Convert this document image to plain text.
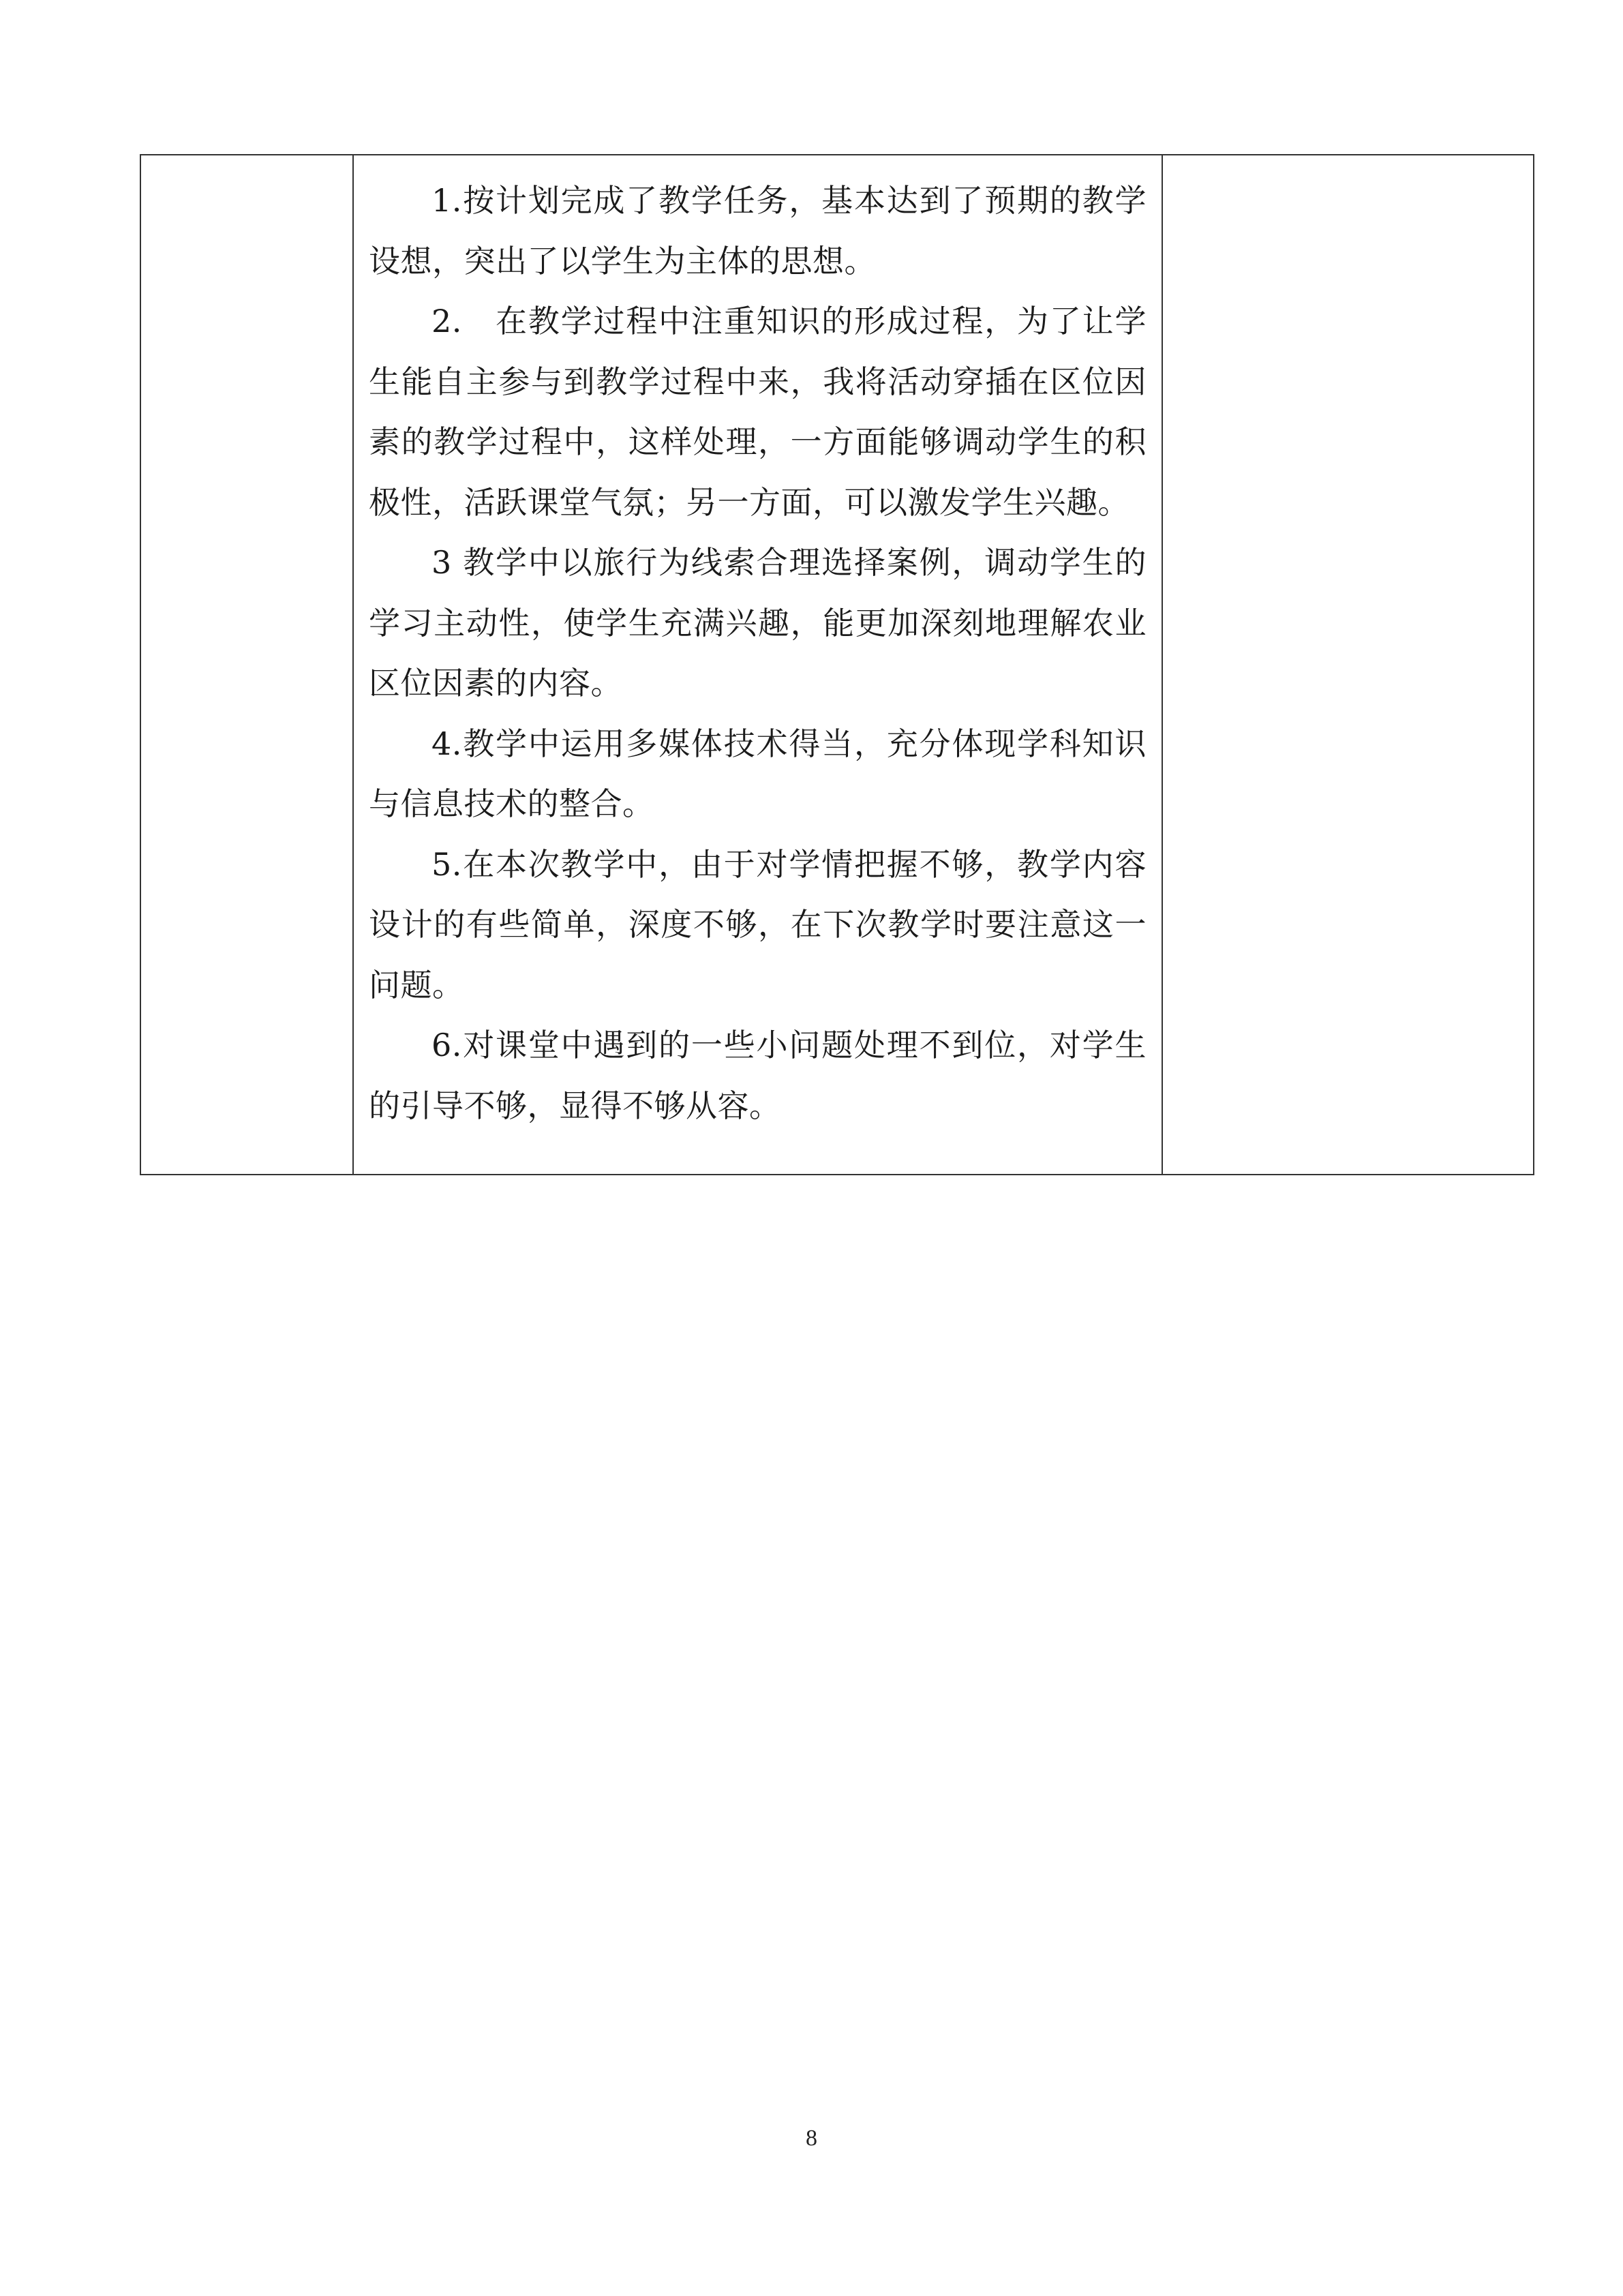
1.按计划完成了教学任务，基本达到了预期的教学设想，突出了以学生为主体的思想。

2.　在教学过程中注重知识的形成过程，为了让学生能自主参与到教学过程中来，我将活动穿插在区位因素的教学过程中，这样处理，一方面能够调动学生的积极性，活跃课堂气氛；另一方面，可以激发学生兴趣。

3 教学中以旅行为线索合理选择案例，调动学生的学习主动性，使学生充满兴趣，能更加深刻地理解农业区位因素的内容。

4.教学中运用多媒体技术得当，充分体现学科知识与信息技术的整合。

5.在本次教学中，由于对学情把握不够，教学内容设计的有些简单，深度不够，在下次教学时要注意这一问题。

6.对课堂中遇到的一些小问题处理不到位，对学生的引导不够，显得不够从容。

8
